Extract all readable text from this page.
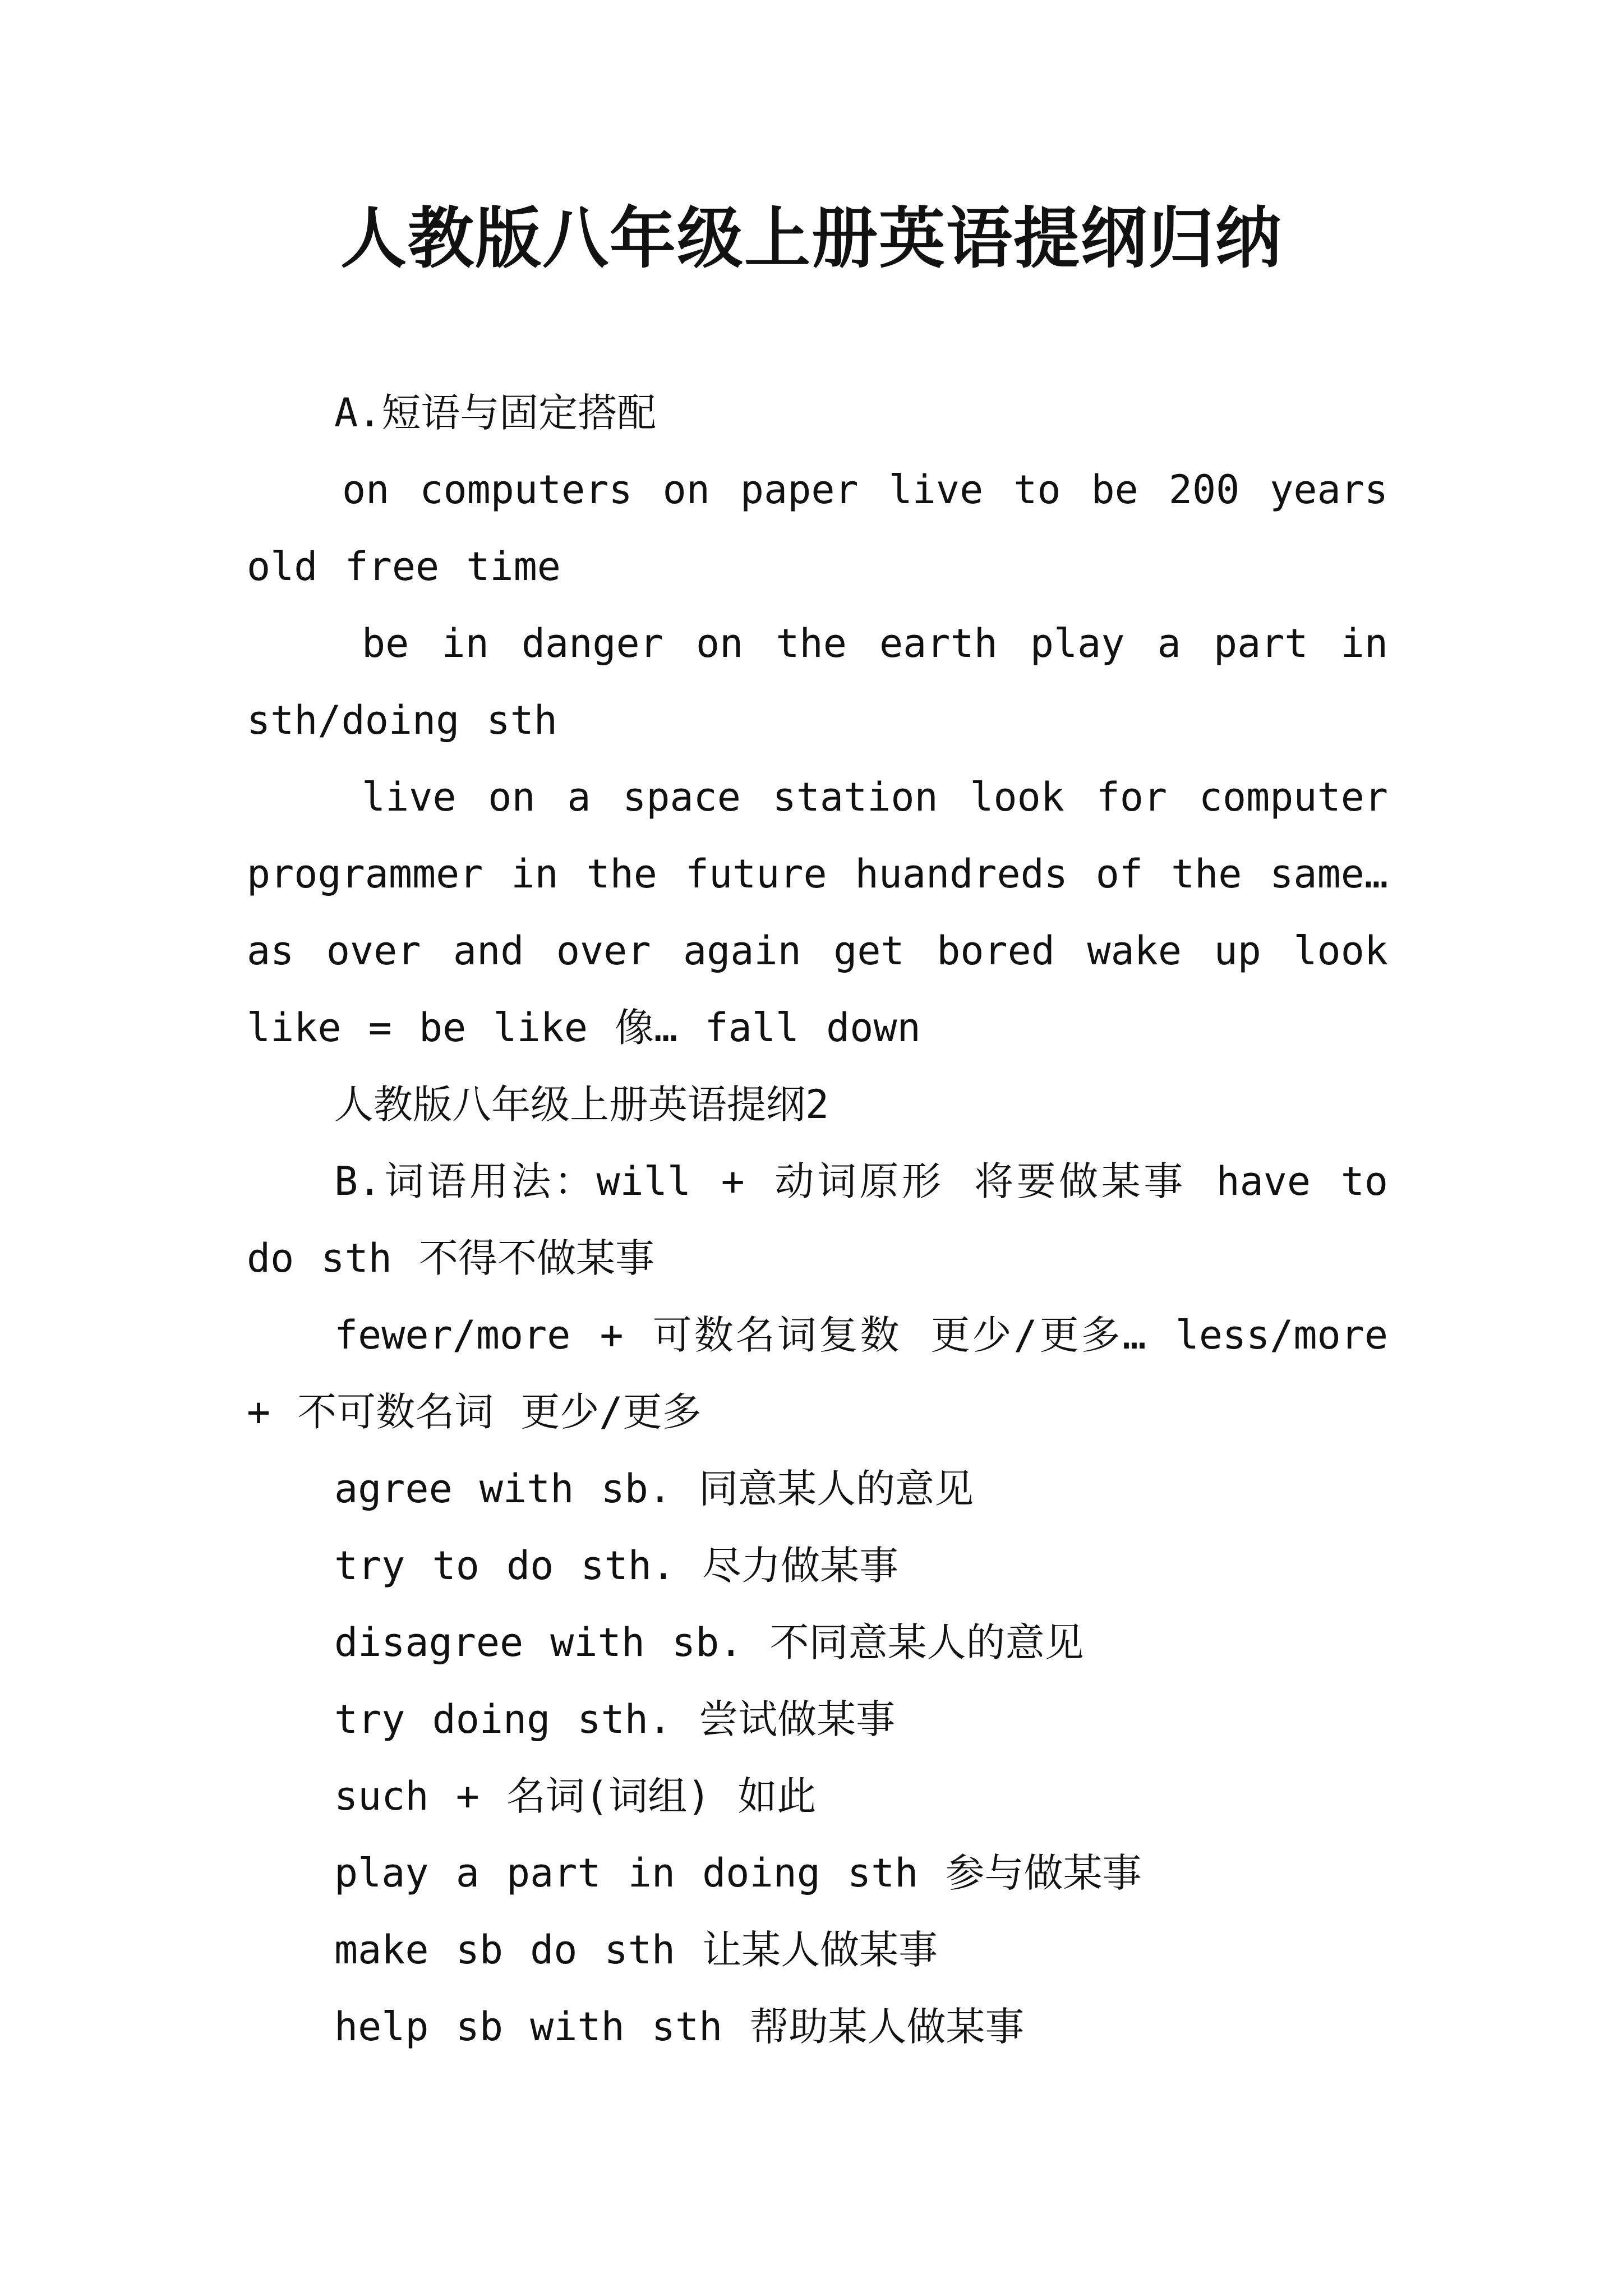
人教版八年级上册英语提纲归纳

A.短语与固定搭配

on computers on paper live to be 200 years old free time

be in danger on the earth play a part in sth/doing sth

live on a space station look for computer programmer in the future huandreds of the same…as over and over again get bored wake up look like = be like 像… fall down

人教版八年级上册英语提纲2

B.词语用法：will + 动词原形 将要做某事 have to do sth 不得不做某事

fewer/more + 可数名词复数 更少/更多… less/more + 不可数名词 更少/更多

agree with sb. 同意某人的意见

try to do sth. 尽力做某事

disagree with sb. 不同意某人的意见

try doing sth. 尝试做某事

such + 名词(词组) 如此

play a part in doing sth 参与做某事

make sb do sth 让某人做某事

help sb with sth 帮助某人做某事
